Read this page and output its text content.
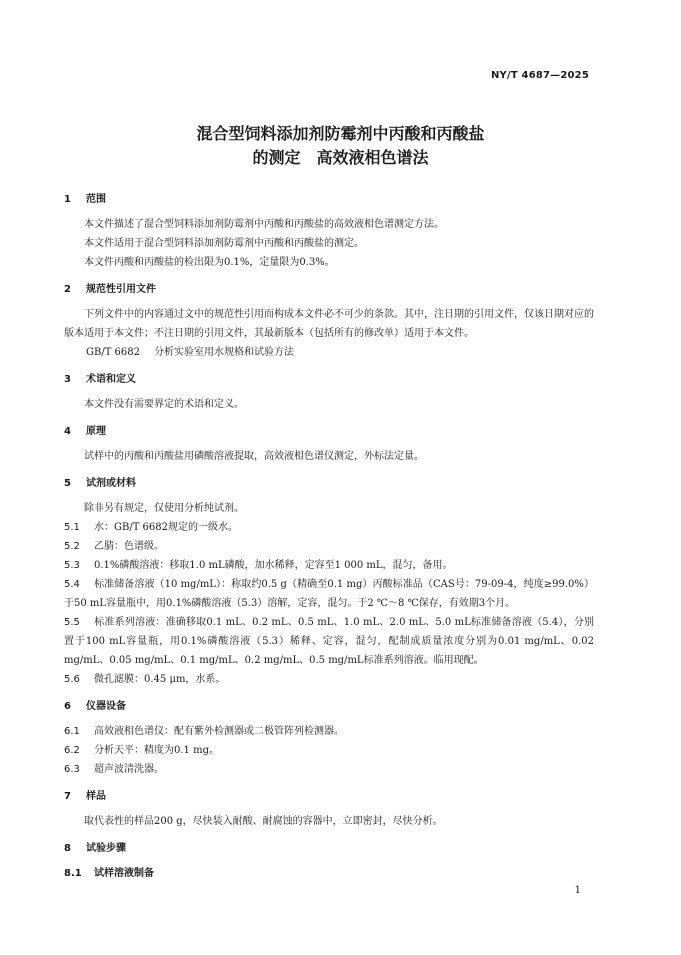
NY/T 4687—2025
混合型饲料添加剂防霉剂中丙酸和丙酸盐
的测定　高效液相色谱法
1	范围

本文件描述了混合型饲料添加剂防霉剂中丙酸和丙酸盐的高效液相色谱测定方法。

本文件适用于混合型饲料添加剂防霉剂中丙酸和丙酸盐的测定。

本文件丙酸和丙酸盐的检出限为0.1%，定量限为0.3%。

2	规范性引用文件

下列文件中的内容通过文中的规范性引用而构成本文件必不可少的条款。其中，注日期的引用文件，仅该日期对应的版本适用于本文件；不注日期的引用文件，其最新版本（包括所有的修改单）适用于本文件。

GB/T 6682 分析实验室用水规格和试验方法

3	术语和定义

本文件没有需要界定的术语和定义。

4	原理

试样中的丙酸和丙酸盐用磷酸溶液提取，高效液相色谱仪测定，外标法定量。

5	试剂或材料

除非另有规定，仅使用分析纯试剂。

5.1	水：GB/T 6682规定的一级水。
5.2	乙腈：色谱级。
5.3	0.1%磷酸溶液：移取1.0 mL磷酸，加水稀释，定容至1 000 mL，混匀，备用。
5.4 标准储备溶液（10 mg/mL）：称取约0.5 g（精确至0.1 mg）丙酸标准品（CAS号：79-09-4，纯度≥99.0%）于50 mL容量瓶中，用0.1%磷酸溶液（5.3）溶解，定容，混匀。于2 ℃～8 ℃保存，有效期3个月。
5.5 标准系列溶液：准确移取0.1 mL、0.2 mL、0.5 mL、1.0 mL、2.0 mL、5.0 mL标准储备溶液（5.4），分别置于100 mL容量瓶，用0.1%磷酸溶液（5.3）稀释、定容，混匀，配制成质量浓度分别为0.01 mg/mL、0.02 mg/mL、0.05 mg/mL、0.1 mg/mL、0.2 mg/mL、0.5 mg/mL标准系列溶液。临用现配。
5.6	微孔滤膜：0.45 μm，水系。
6	仪器设备
6.1	高效液相色谱仪：配有紫外检测器或二极管阵列检测器。
6.2	分析天平：精度为0.1 mg。
6.3	超声波清洗器。
7	样品

取代表性的样品200 g，尽快装入耐酸、耐腐蚀的容器中，立即密封，尽快分析。

8	试验步骤
8.1	试样溶液制备
1
